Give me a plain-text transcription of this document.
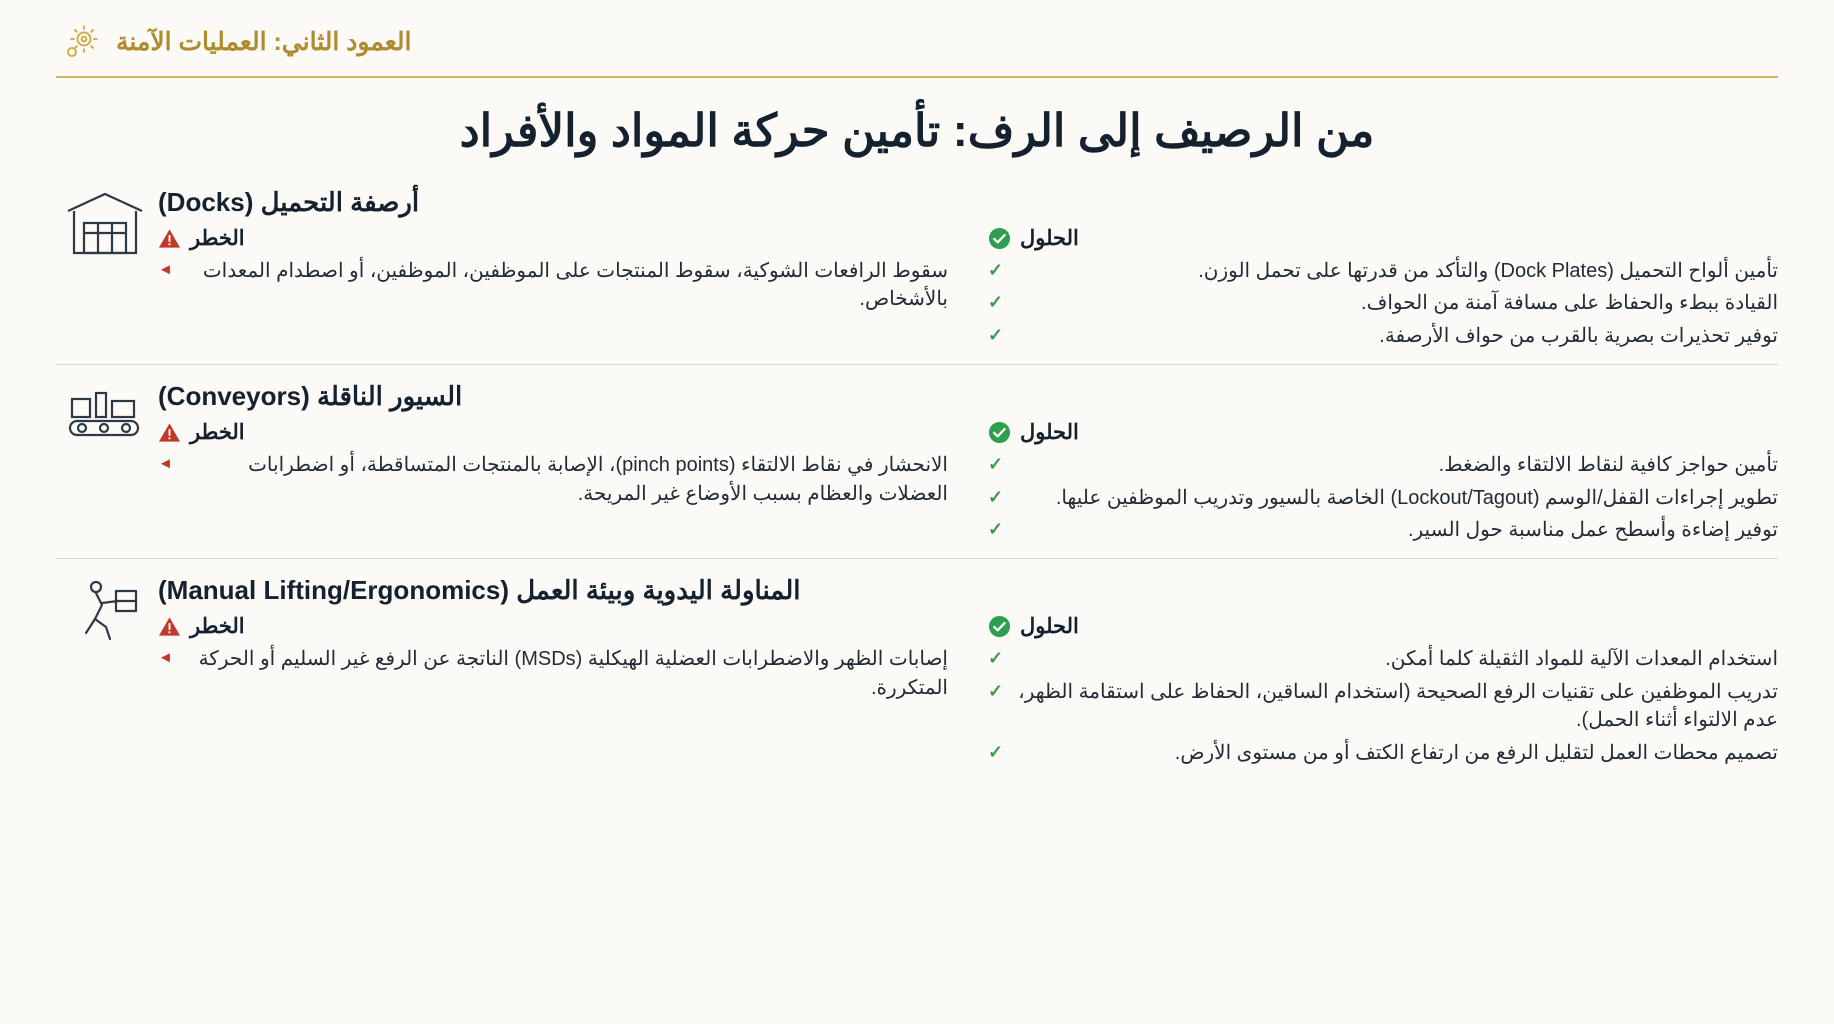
العمود الثاني: العمليات الآمنة
من الرصيف إلى الرف: تأمين حركة المواد والأفراد
أرصفة التحميل (Docks)
الحلول
✓	تأمين ألواح التحميل (Dock Plates) والتأكد من قدرتها على تحمل الوزن.
✓	القيادة ببطء والحفاظ على مسافة آمنة من الحواف.
✓	توفير تحذيرات بصرية بالقرب من حواف الأرصفة.
الخطر
◄	سقوط الرافعات الشوكية، سقوط المنتجات على الموظفين، الموظفين، أو اصطدام المعدات بالأشخاص.
السيور الناقلة (Conveyors)
الحلول
✓	تأمين حواجز كافية لنقاط الالتقاء والضغط.
✓	تطوير إجراءات القفل/الوسم (Lockout/Tagout) الخاصة بالسيور وتدريب الموظفين عليها.
✓	توفير إضاءة وأسطح عمل مناسبة حول السير.
الخطر
◄	الانحشار في نقاط الالتقاء (pinch points)، الإصابة بالمنتجات المتساقطة، أو اضطرابات العضلات والعظام بسبب الأوضاع غير المريحة.
المناولة اليدوية وبيئة العمل (Manual Lifting/Ergonomics)
الحلول
✓	استخدام المعدات الآلية للمواد الثقيلة كلما أمكن.
✓ تدريب الموظفين على تقنيات الرفع الصحيحة (استخدام الساقين، الحفاظ على استقامة الظهر، عدم الالتواء أثناء الحمل).
✓	تصميم محطات العمل لتقليل الرفع من ارتفاع الكتف أو من مستوى الأرض.
الخطر
◄	إصابات الظهر والاضطرابات العضلية الهيكلية (MSDs) الناتجة عن الرفع غير السليم أو الحركة المتكررة.
